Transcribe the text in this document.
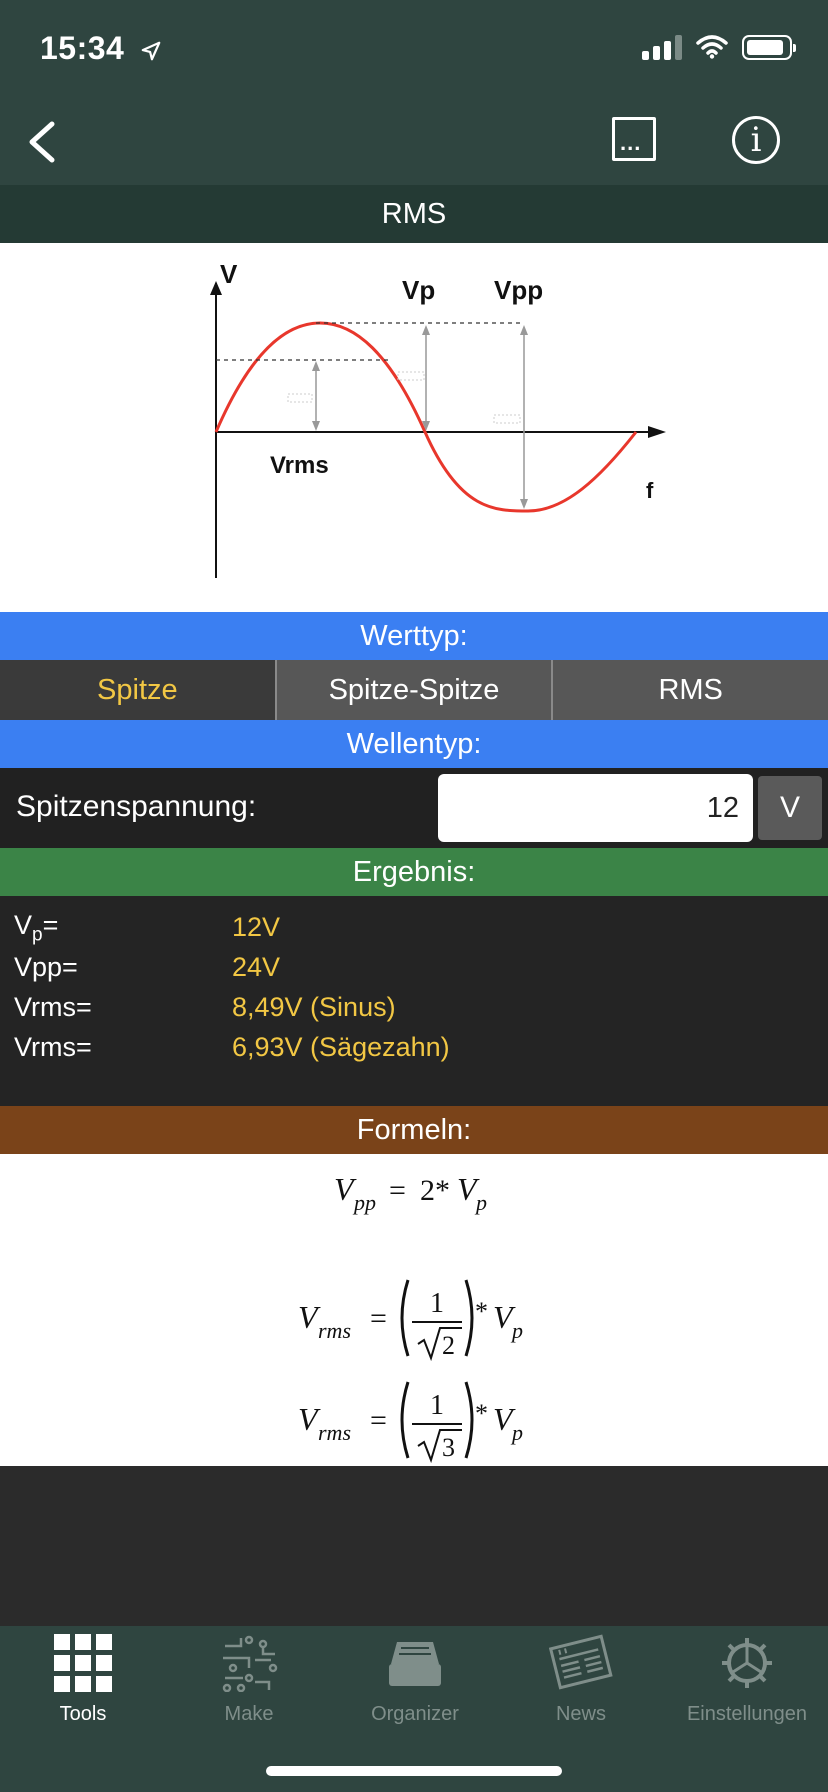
15:34
...	i
RMS
V
Vp Vpp
Vrms
f
Werttyp:
Spitze	Spitze-Spitze	RMS
Wellentyp:
Spitzenspannung:
12	V
Ergebnis:
$V_p=$	12V
Vpp=	24V
Vrms=	8,49V (Sinus)
Vrms=	6,93V (Sägezahn)
Formeln:
V pp = 2* V p
V rms = 1
2
* V p
V rms = 1
3
* V p
Tools	Make	Organizer	News	Einstellungen
